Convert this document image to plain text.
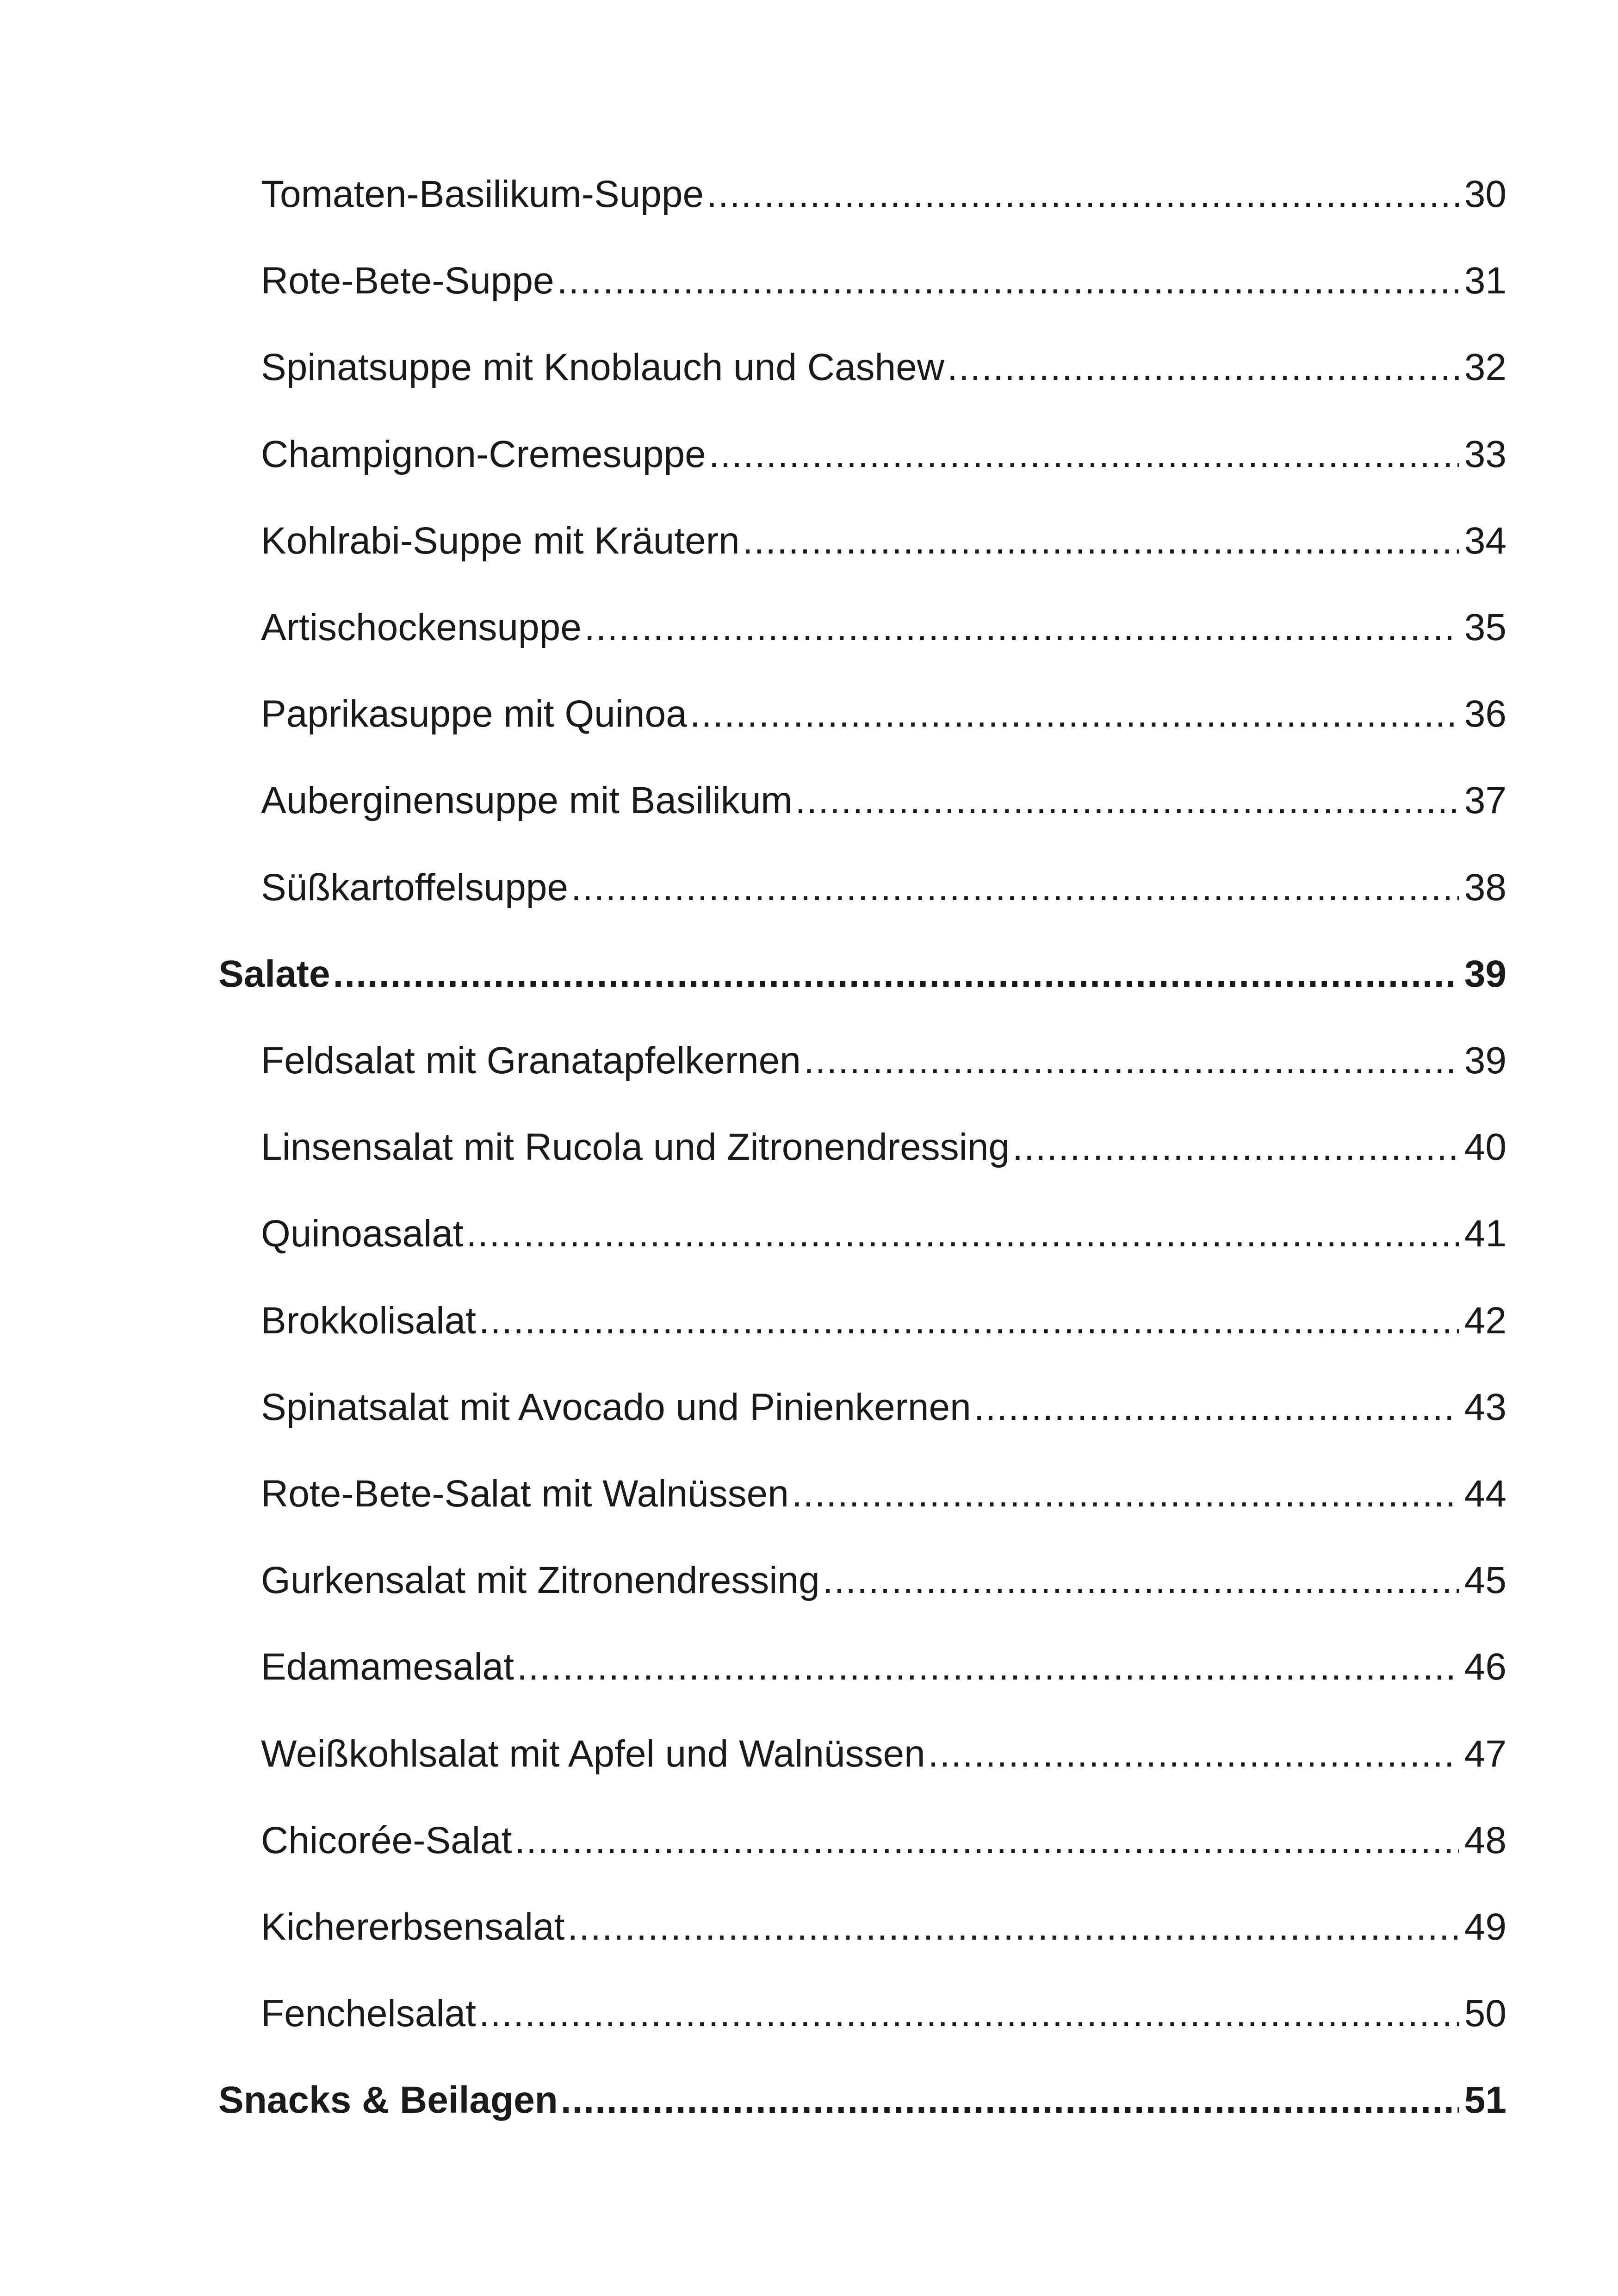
Tomaten-Basilikum-Suppe .....	30
Rote-Bete-Suppe .....	31
Spinatsuppe mit Knoblauch und Cashew .....	32
Champignon-Cremesuppe .....	33
Kohlrabi-Suppe mit Kräutern .....	34
Artischockensuppe .....	35
Paprikasuppe mit Quinoa .....	36
Auberginensuppe mit Basilikum .....	37
Süßkartoffelsuppe .....	38
Salate .....	39
Feldsalat mit Granatapfelkernen .....	39
Linsensalat mit Rucola und Zitronendressing .....	40
Quinoasalat .....	41
Brokkolisalat .....	42
Spinatsalat mit Avocado und Pinienkernen .....	43
Rote-Bete-Salat mit Walnüssen .....	44
Gurkensalat mit Zitronendressing .....	45
Edamamesalat .....	46
Weißkohlsalat mit Apfel und Walnüssen .....	47
Chicorée-Salat .....	48
Kichererbsensalat .....	49
Fenchelsalat .....	50
Snacks & Beilagen .....	51
